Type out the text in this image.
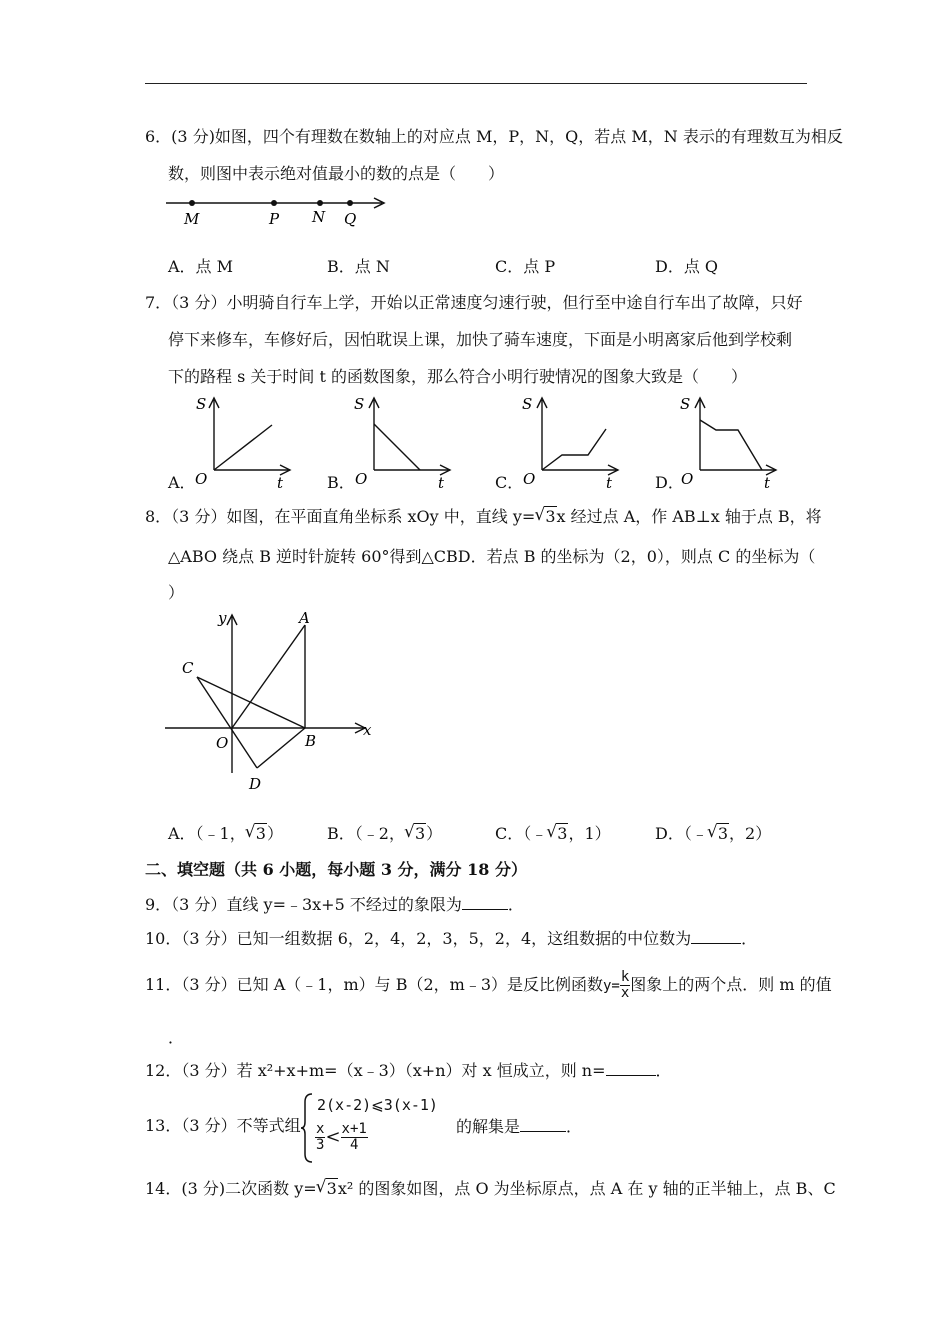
6．(3 分)如图，四个有理数在数轴上的对应点 M，P，N，Q，若点 M，N 表示的有理数互为相反
数，则图中表示绝对值最小的数的点是（　　）
M	P N Q
A．点 M	B．点 N	C．点 P	D．点 Q
7．（3 分）小明骑自行车上学，开始以正常速度匀速行驶，但行至中途自行车出了故障，只好
停下来修车，车修好后，因怕耽误上课，加快了骑车速度，下面是小明离家后他到学校剩
下的路程 s 关于时间 t 的函数图象，那么符合小明行驶情况的图象大致是（　　）
A．
S
O	t	B．
S
O	t	C．
S
O	t	D．
S
O	t
8．（3 分）如图，在平面直角坐标系 xOy 中，直线 y= √ 3x 经过点 A，作 AB⊥x 轴于点 B，将
△ABO 绕点 B 逆时针旋转 60°得到△CBD．若点 B 的坐标为（2，0），则点 C 的坐标为（
）
y	A
C
O	B
x
D
A．（﹣1， √ 3）	B．（﹣2， √ 3）	C．（﹣ √ 3，1）	D．（﹣ √ 3，2）
二、填空题（共 6 小题，每小题 3 分，满分 18 分）
9．（3 分）直线 y=﹣3x+5 不经过的象限为	．
10．（3 分）已知一组数据 6，2，4，2，3，5，2，4，这组数据的中位数为	．
11．（3 分）已知 A（﹣1，m）与 B（2，m﹣3）是反比例函数$y= \frac{k}{x}$ 图象上的两个点．则 m 的值
．
12．（3 分）若 x²+x+m=（x﹣3）（x+n）对 x 恒成立，则 n=	．
13．（3 分）不等式组
2(x-2)⩽3(x-1)
$\frac{x}{3} < \frac{x+1}{4}$	的解集是	．
14．(3 分)二次函数 y= √ 3x² 的图象如图，点 O 为坐标原点，点 A 在 y 轴的正半轴上，点 B、C
